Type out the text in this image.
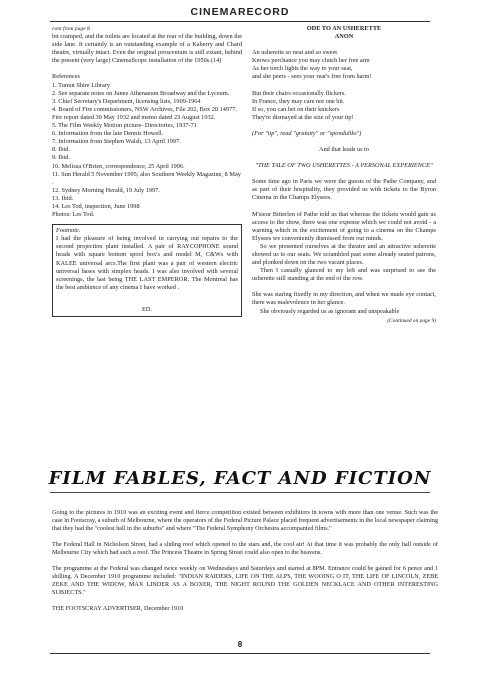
CINEMARECORD

cont from page 8

bit cramped, and the toilets are located at the rear of the building, down the side lane. It certainly is an outstanding example of a Kaberry and Chard theatre, virtually intact. Even the original proscenium is still extant, behind the present (very large) CinemaScope installation of the 1950s.(14)

References

1. Tumut Shire Library

2. See separate notes on Junee Athenaeum Broadway and the Lyceum.

3. Chief Secretary's Department, licensing lists, 1909-1964

4. Board of Fire commissioners, NSW Archives, File 202, Box 20.14977. Fire report dated 30 May 1932 and memo dated 23 August 1932.

5. The Film Weekly Motion picture- Directories, 1937-71

6. Information from the late Dennis Howell.

7. Information from Stephen Walsh, 13 April 1997.

8. Ibid.

9. Ibid.

10. Melissa O'Brien, correspondence, 25 April 1996.

11. Sun Herald 5 November 1995; also Southern Weekly Magazine, 8 May .

12. Sydney Morning Herald, 19 July 1997.

13. Ibid.

14. Les Tod, inspection, June 1998

Photos: Les Tod.

Footnote.

I had the pleasure of being involved in carrying out repairs to the second projection plant installed. A pair of RAYCOPHONE sound heads with square bottom spool box's and model M, C&Ws with KALEE universal arcs.The first plant was a pair of western electric universal bases with simplex heads. I was also involved with several screenings, the last being THE LAST EMPEROR. The Montreal has the best ambience of any cinema I have worked .

ED.

ODE TO AN USHERETTE

ANON

An usherette so neat and so sweet

Knows perchance you may clutch her free arm

As her torch lights the way to your seat,

and she peers - sees your rear's free from harm!

But their chairs occasionally flickers.

In France, they may care not one bit.

If so, you can bet on their knickers

They're dismayed at the size of your tip!

(For "tip", read "gratuity" or "sponduliks")

And that leads us to

"THE TALE OF TWO USHERETTES - A PERSONAL EXPERIENCE"

Some time ago in Paris we were the guests of the Pathe Company, and as part of their hospitality, they provided us with tickets to the Byron Cinema in the Champs Elysees.

M'sieur Bitterlen of Pathe told us that whereas the tickets would gain us access to the show, there was one expense which we could not avoid - a warning which in the excitement of going to a cinema on the Champs Elysees we conveniently dismissed from our minds.

So we presented ourselves at the theatre and an attractive usherette showed us to our seats. We scrambled past some already seated patrons, and plonked down on the two vacant places.

Then I casually glanced to my left and was surprised to see the usherette still standing at the end of the row.

She was staring fixedly in my direction, and when we made eye contact, there was malevolence in her glance.

She obviously regarded us as ignorant and unspeakable

(Continued on page 9)

FILM FABLES, FACT AND FICTION

Going to the pictures in 1910 was an exciting event and fierce competition existed between exhibitors in towns with more than one venue. Such was the case in Footscray, a suburb of Melbourne, where the operators of the Federal Picture Palace placed frequent advertisements in the local newspaper claiming that they had the "coolest hall in the suburbs" and where "The Federal Symphony Orchestra accompanied films."

The Federal Hall in Nicholson Street, had a sliding roof which opened to the stars and, the cool air! At that time it was probably the only hall outside of Melbourne City which had such a roof. The Princess Theatre in Spring Street could also open to the heavens.

The programme at the Federal was changed twice weekly on Wednesdays and Saturdays and started at 8PM. Entrance could be gained for 6 pence and 1 shilling. A December 1910 programme included: "INDIAN RAIDERS, LIFE ON THE ALPS, THE WOOING O IT, THE LIFE OF LINCOLN, ZEBE ZEKE AND THE WIDOW, MAX LINDER AS A BOXER, THE NIGHT ROUND THE GOLDEN NECKLACE AND OTHER INTERESTING SUBJECTS."

THE FOOTSCRAY ADVERTISER, December 1910

8
